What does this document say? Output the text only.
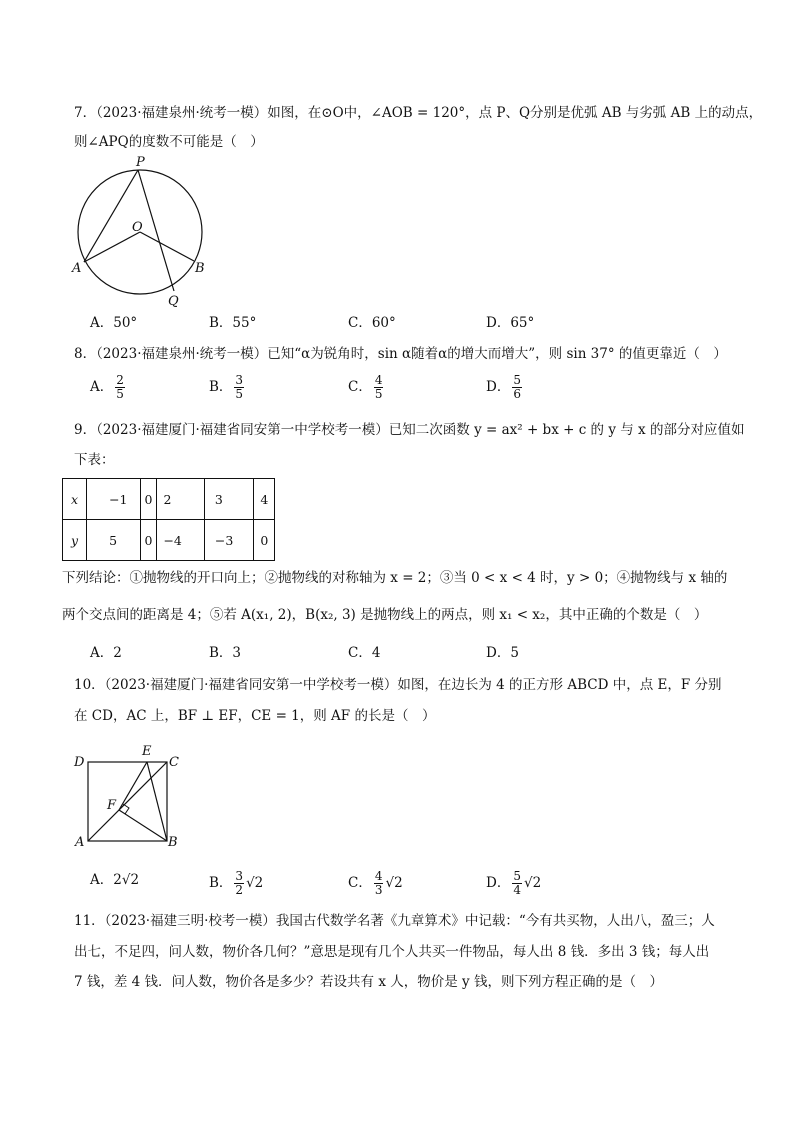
7．（2023·福建泉州·统考一模）如图，在⊙O中，∠AOB = 120°，点 P、Q分别是优弧 AB 与劣弧 AB 上的动点，
则∠APQ的度数不可能是（　）
P
O
A	B
Q
A．50°	B．55°	C．60°	D．65°
8．（2023·福建泉州·统考一模）已知“α为锐角时，sin α随着α的增大而增大”，则 sin 37° 的值更靠近（　）
A． $\frac{2}{5}$	B． $\frac{3}{5}$	C． $\frac{4}{5}$	D． $\frac{5}{6}$
9．（2023·福建厦门·福建省同安第一中学校考一模）已知二次函数 y = ax² + bx + c 的 y 与 x 的部分对应值如
下表：
x	−1	0	2	3	4
y	5	0	−4	−3	0
下列结论：①抛物线的开口向上；②抛物线的对称轴为 x = 2；③当 0 < x < 4 时，y > 0；④抛物线与 x 轴的
两个交点间的距离是 4；⑤若 A(x₁, 2)，B(x₂, 3) 是抛物线上的两点，则 x₁ < x₂，其中正确的个数是（　）
A．2	B．3	C．4	D．5
10．（2023·福建厦门·福建省同安第一中学校考一模）如图，在边长为 4 的正方形 ABCD 中，点 E，F 分别
在 CD，AC 上，BF ⊥ EF，CE = 1，则 AF 的长是（　）
D
E
C
F
A	B
A．2√2	B． $\frac{3}{2} √2$	C． $\frac{4}{3} √2$	D． $\frac{5}{4} √2$
11．（2023·福建三明·校考一模）我国古代数学名著《九章算术》中记载：“今有共买物，人出八，盈三；人
出七，不足四，问人数，物价各几何？”意思是现有几个人共买一件物品，每人出 8 钱．多出 3 钱；每人出
7 钱，差 4 钱．问人数，物价各是多少？若设共有 x 人，物价是 y 钱，则下列方程正确的是（　）
